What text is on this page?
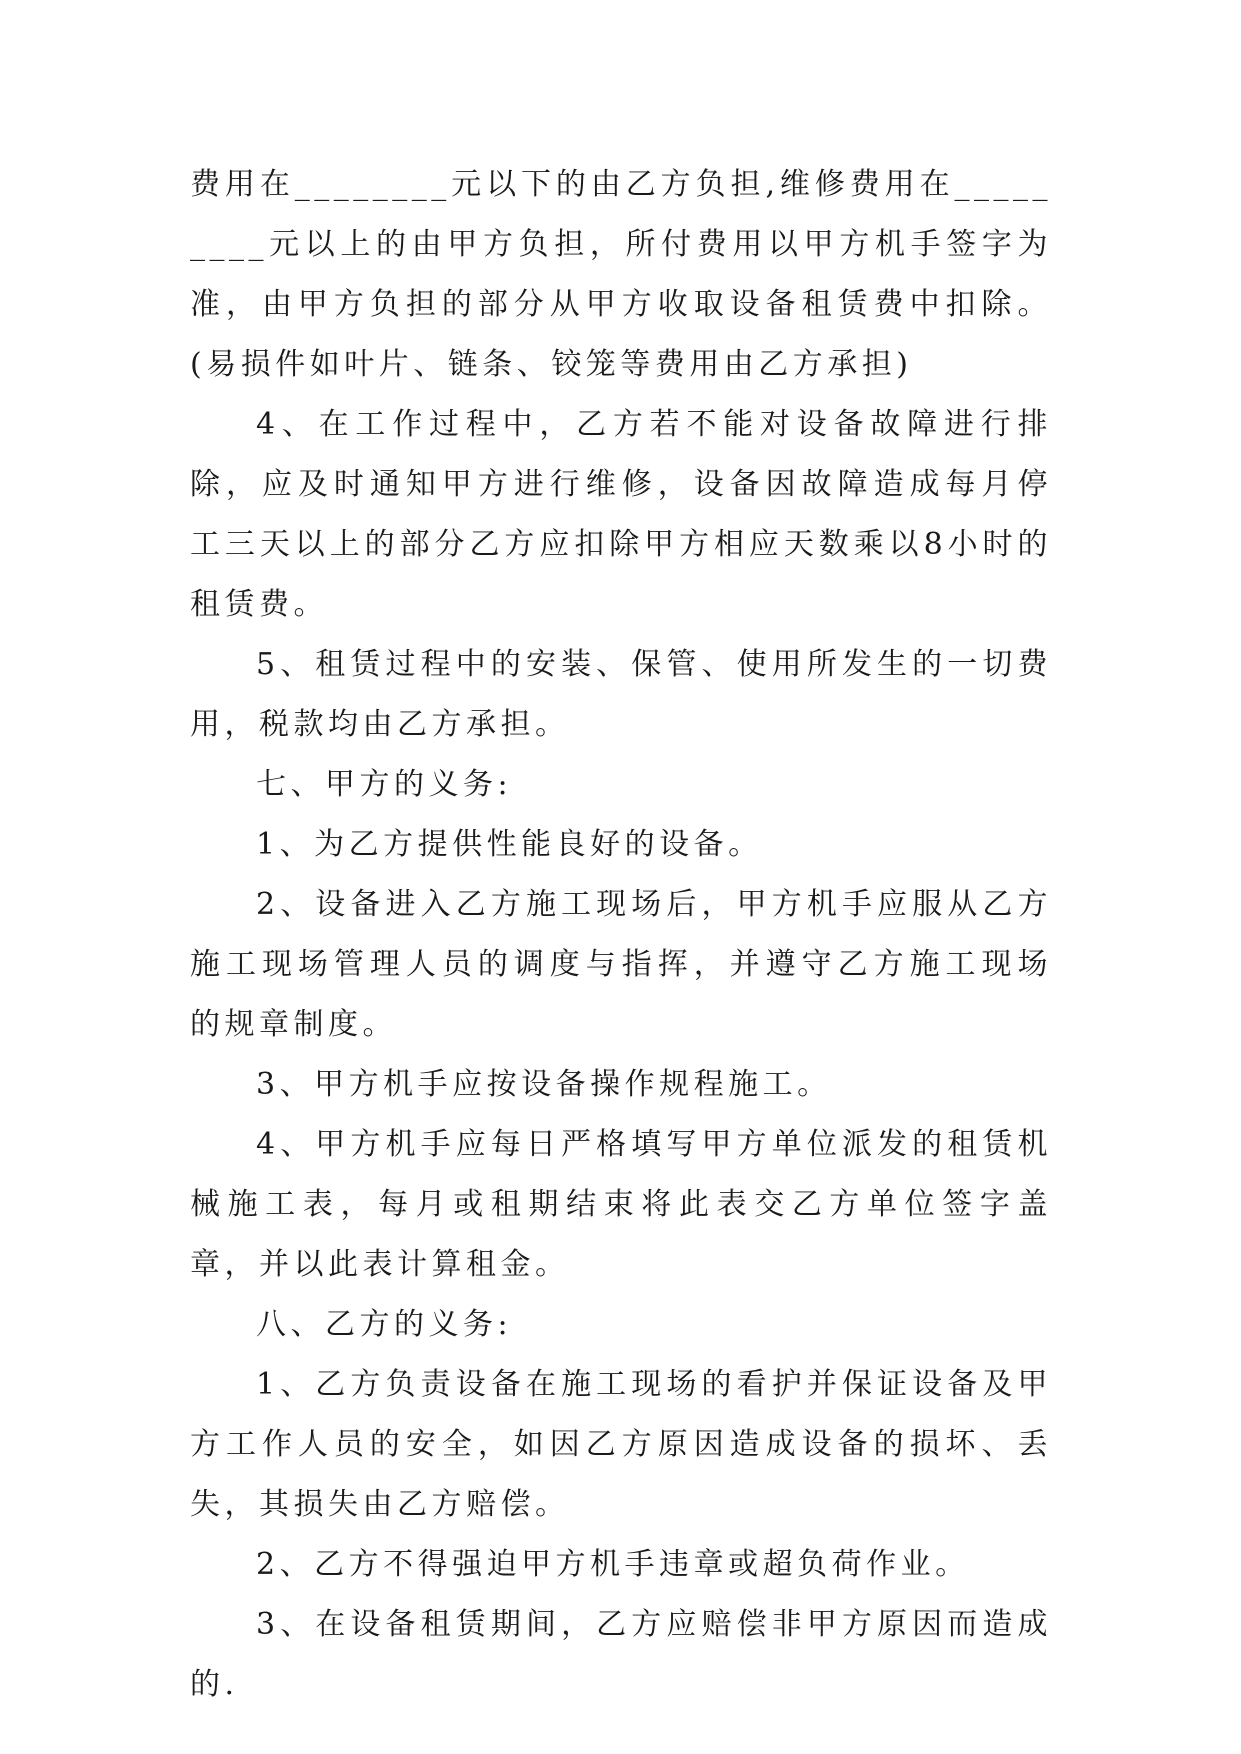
费用在________元以下的由乙方负担,维修费用在_________元以上的由甲方负担，所付费用以甲方机手签字为准，由甲方负担的部分从甲方收取设备租赁费中扣除。(易损件如叶片、链条、铰笼等费用由乙方承担)

4、在工作过程中，乙方若不能对设备故障进行排除，应及时通知甲方进行维修，设备因故障造成每月停工三天以上的部分乙方应扣除甲方相应天数乘以8小时的租赁费。

5、租赁过程中的安装、保管、使用所发生的一切费用，税款均由乙方承担。

七、甲方的义务:

1、为乙方提供性能良好的设备。

2、设备进入乙方施工现场后，甲方机手应服从乙方施工现场管理人员的调度与指挥，并遵守乙方施工现场的规章制度。

3、甲方机手应按设备操作规程施工。

4、甲方机手应每日严格填写甲方单位派发的租赁机械施工表，每月或租期结束将此表交乙方单位签字盖章，并以此表计算租金。

八、乙方的义务:

1、乙方负责设备在施工现场的看护并保证设备及甲方工作人员的安全，如因乙方原因造成设备的损坏、丢失，其损失由乙方赔偿。

2、乙方不得强迫甲方机手违章或超负荷作业。

3、在设备租赁期间，乙方应赔偿非甲方原因而造成的.
